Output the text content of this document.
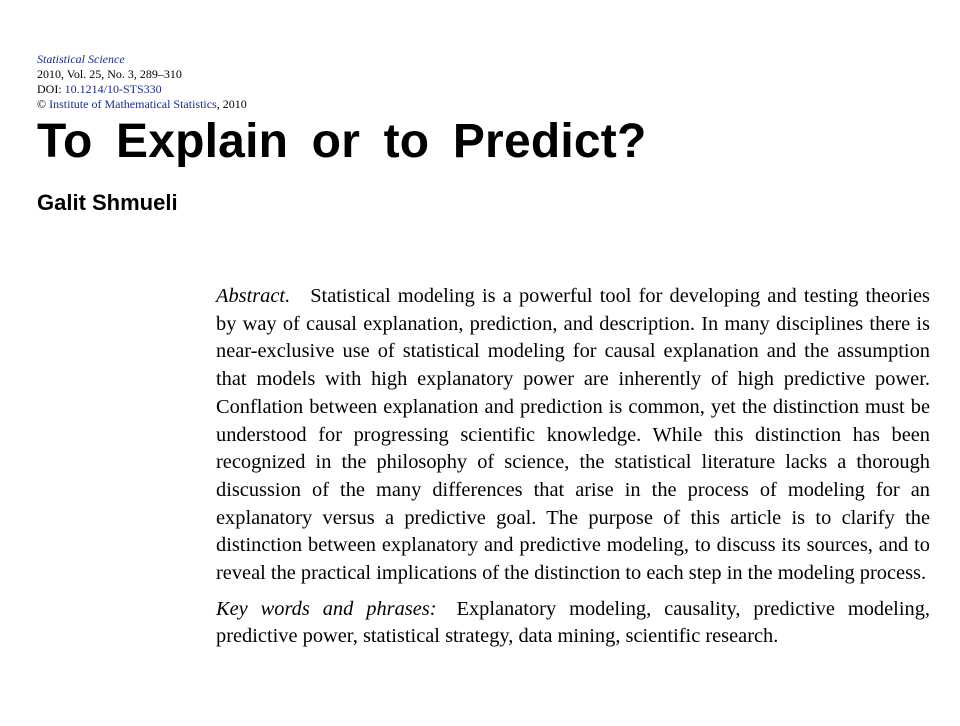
Statistical Science
2010, Vol. 25, No. 3, 289–310
DOI: 10.1214/10-STS330
© Institute of Mathematical Statistics, 2010
To Explain or to Predict?
Galit Shmueli

Abstract. Statistical modeling is a powerful tool for developing and testing theories by way of causal explanation, prediction, and description. In many disciplines there is near-exclusive use of statistical modeling for causal explanation and the assumption that models with high explanatory power are inherently of high predictive power. Conflation between explanation and prediction is common, yet the distinction must be understood for progressing scientific knowledge. While this distinction has been recognized in the philosophy of science, the statistical literature lacks a thorough discussion of the many differences that arise in the process of modeling for an explanatory versus a predictive goal. The purpose of this article is to clarify the distinction between explanatory and predictive modeling, to discuss its sources, and to reveal the practical implications of the distinction to each step in the modeling process.

Key words and phrases: Explanatory modeling, causality, predictive modeling, predictive power, statistical strategy, data mining, scientific research.
